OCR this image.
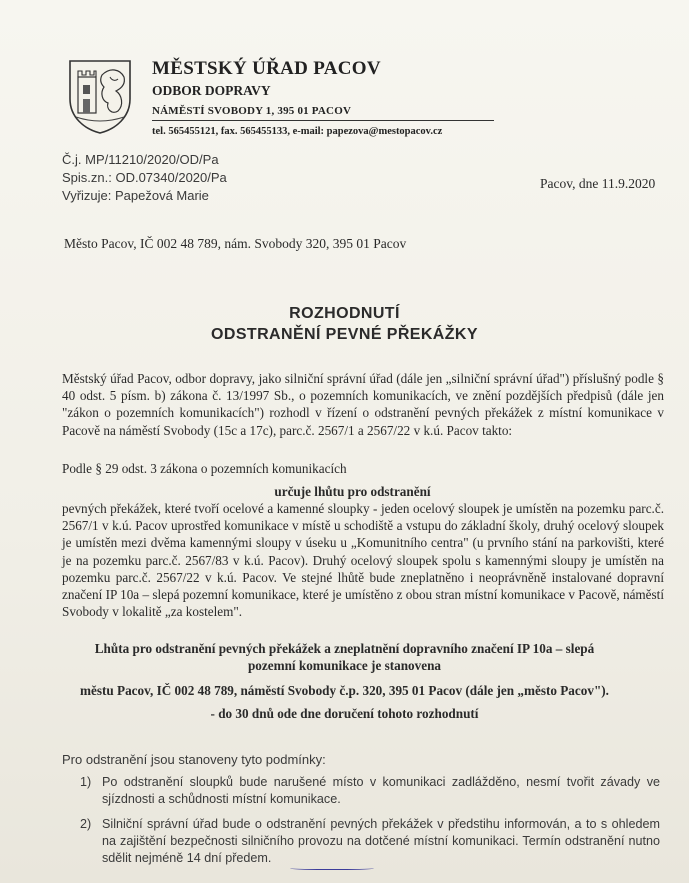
MĚSTSKÝ ÚŘAD PACOV
ODBOR DOPRAVY
NÁMĚSTÍ SVOBODY 1, 395 01 PACOV
tel. 565455121, fax. 565455133, e-mail: papezova@mestopacov.cz
Č.j. MP/11210/2020/OD/Pa
Spis.zn.: OD.07340/2020/Pa
Vyřizuje: Papežová Marie
Pacov, dne 11.9.2020
Město Pacov, IČ 002 48 789, nám. Svobody 320, 395 01 Pacov
ROZHODNUTÍ
ODSTRANĚNÍ PEVNÉ PŘEKÁŽKY
Městský úřad Pacov, odbor dopravy, jako silniční správní úřad (dále jen „silniční správní úřad") příslušný podle § 40 odst. 5 písm. b) zákona č. 13/1997 Sb., o pozemních komunikacích, ve znění pozdějších předpisů (dále jen "zákon o pozemních komunikacích") rozhodl v řízení o odstranění pevných překážek z místní komunikace v Pacově na náměstí Svobody (15c a 17c), parc.č. 2567/1 a 2567/22 v k.ú. Pacov takto:
Podle § 29 odst. 3 zákona o pozemních komunikacích
určuje lhůtu pro odstranění
pevných překážek, které tvoří ocelové a kamenné sloupky - jeden ocelový sloupek je umístěn na pozemku parc.č. 2567/1 v k.ú. Pacov uprostřed komunikace v místě u schodiště a vstupu do základní školy, druhý ocelový sloupek je umístěn mezi dvěma kamennými sloupy v úseku u „Komunitního centra" (u prvního stání na parkovišti, které je na pozemku parc.č. 2567/83 v k.ú. Pacov). Druhý ocelový sloupek spolu s kamennými sloupy je umístěn na pozemku parc.č. 2567/22 v k.ú. Pacov. Ve stejné lhůtě bude zneplatněno i neoprávněně instalované dopravní značení IP 10a – slepá pozemní komunikace, které je umístěno z obou stran místní komunikace v Pacově, náměstí Svobody v lokalitě „za kostelem".
Lhůta pro odstranění pevných překážek a zneplatnění dopravního značení IP 10a – slepá
pozemní komunikace je stanovena
městu Pacov, IČ 002 48 789, náměstí Svobody č.p. 320, 395 01 Pacov (dále jen „město Pacov").
- do 30 dnů ode dne doručení tohoto rozhodnutí
Pro odstranění jsou stanoveny tyto podmínky:
1) Po odstranění sloupků bude narušené místo v komunikaci zadlážděno, nesmí tvořit závady ve sjízdnosti a schůdnosti místní komunikace.
2) Silniční správní úřad bude o odstranění pevných překážek v předstihu informován, a to s ohledem na zajištění bezpečnosti silničního provozu na dotčené místní komunikaci. Termín odstranění nutno sdělit nejméně 14 dní předem.
